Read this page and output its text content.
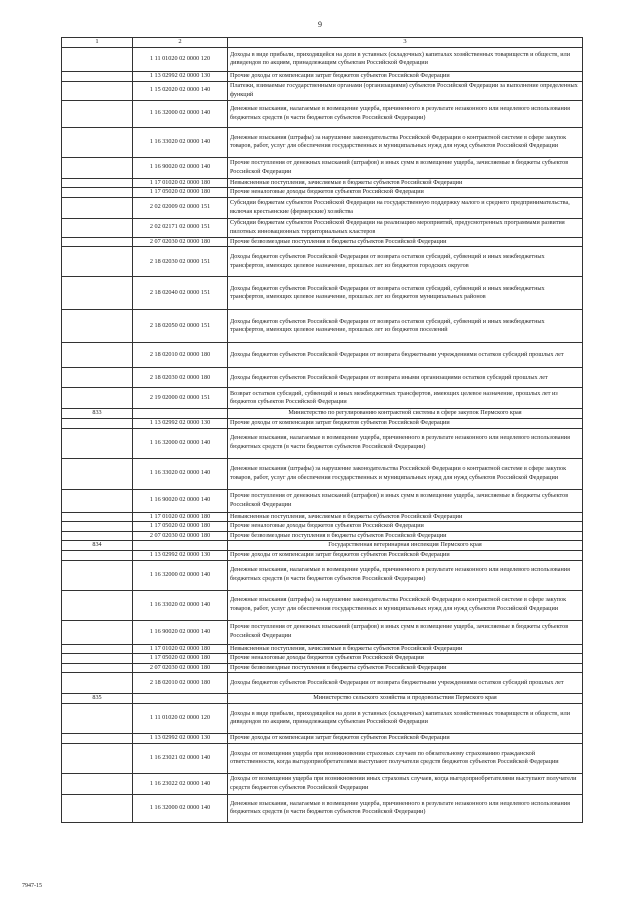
9
1	2	3
	1 11 01020 02 0000 120	Доходы в виде прибыли, приходящейся на доли в уставных (складочных) капиталах хозяйственных товариществ и обществ, или дивидендов по акциям, принадлежащим субъектам Российской Федерации
	1 13 02992 02 0000 130	Прочие доходы от компенсации затрат бюджетов субъектов Российской Федерации
	1 15 02020 02 0000 140	Платежи, взимаемые государственными органами (организациями) субъектов Российской Федерации за выполнение определенных функций
	1 16 32000 02 0000 140	Денежные взыскания, налагаемые в возмещение ущерба, причиненного в результате незаконного или нецелевого использования бюджетных средств (в части бюджетов субъектов Российской Федерации)
	1 16 33020 02 0000 140	Денежные взыскания (штрафы) за нарушение законодательства Российской Федерации о контрактной системе в сфере закупок товаров, работ, услуг для обеспечения государственных и муниципальных нужд для нужд субъектов Российской Федерации
	1 16 90020 02 0000 140	Прочие поступления от денежных взысканий (штрафов) и иных сумм в возмещение ущерба, зачисляемые в бюджеты субъектов Российской Федерации
	1 17 01020 02 0000 180	Невыясненные поступления, зачисляемые в бюджеты субъектов Российской Федерации
	1 17 05020 02 0000 180	Прочие неналоговые доходы бюджетов субъектов Российской Федерации
	2 02 02009 02 0000 151	Субсидии бюджетам субъектов Российской Федерации на государственную поддержку малого и среднего предпринимательства, включая крестьянские (фермерские) хозяйства
	2 02 02171 02 0000 151	Субсидии бюджетам субъектов Российской Федерации на реализацию мероприятий, предусмотренных программами развития пилотных инновационных территориальных кластеров
	2 07 02030 02 0000 180	Прочие безвозмездные поступления в бюджеты субъектов Российской Федерации
	2 18 02030 02 0000 151	Доходы бюджетов субъектов Российской Федерации от возврата остатков субсидий, субвенций и иных межбюджетных трансфертов, имеющих целевое назначение, прошлых лет из бюджетов городских округов
	2 18 02040 02 0000 151	Доходы бюджетов субъектов Российской Федерации от возврата остатков субсидий, субвенций и иных межбюджетных трансфертов, имеющих целевое назначение, прошлых лет из бюджетов муниципальных районов
	2 18 02050 02 0000 151	Доходы бюджетов субъектов Российской Федерации от возврата остатков субсидий, субвенций и иных межбюджетных трансфертов, имеющих целевое назначение, прошлых лет из бюджетов поселений
	2 18 02010 02 0000 180	Доходы бюджетов субъектов Российской Федерации от возврата бюджетными учреждениями остатков субсидий прошлых лет
	2 18 02030 02 0000 180	Доходы бюджетов субъектов Российской Федерации от возврата иными организациями остатков субсидий прошлых лет
	2 19 02000 02 0000 151	Возврат остатков субсидий, субвенций и иных межбюджетных трансфертов, имеющих целевое назначение, прошлых лет из бюджетов субъектов Российской Федерации
833		Министерство по регулированию контрактной системы в сфере закупок Пермского края
	1 13 02992 02 0000 130	Прочие доходы от компенсации затрат бюджетов субъектов Российской Федерации
	1 16 32000 02 0000 140	Денежные взыскания, налагаемые в возмещение ущерба, причиненного в результате незаконного или нецелевого использования бюджетных средств (в части бюджетов субъектов Российской Федерации)
	1 16 33020 02 0000 140	Денежные взыскания (штрафы) за нарушение законодательства Российской Федерации о контрактной системе в сфере закупок товаров, работ, услуг для обеспечения государственных и муниципальных нужд для нужд субъектов Российской Федерации
	1 16 90020 02 0000 140	Прочие поступления от денежных взысканий (штрафов) и иных сумм в возмещение ущерба, зачисляемые в бюджеты субъектов Российской Федерации
	1 17 01020 02 0000 180	Невыясненные поступления, зачисляемые в бюджеты субъектов Российской Федерации
	1 17 05020 02 0000 180	Прочие неналоговые доходы бюджетов субъектов Российской Федерации
	2 07 02030 02 0000 180	Прочие безвозмездные поступления в бюджеты субъектов Российской Федерации
834		Государственная ветеринарная инспекция Пермского края
	1 13 02992 02 0000 130	Прочие доходы от компенсации затрат бюджетов субъектов Российской Федерации
	1 16 32000 02 0000 140	Денежные взыскания, налагаемые в возмещение ущерба, причиненного в результате незаконного или нецелевого использования бюджетных средств (в части бюджетов субъектов Российской Федерации)
	1 16 33020 02 0000 140	Денежные взыскания (штрафы) за нарушение законодательства Российской Федерации о контрактной системе в сфере закупок товаров, работ, услуг для обеспечения государственных и муниципальных нужд для нужд субъектов Российской Федерации
	1 16 90020 02 0000 140	Прочие поступления от денежных взысканий (штрафов) и иных сумм в возмещение ущерба, зачисляемые в бюджеты субъектов Российской Федерации
	1 17 01020 02 0000 180	Невыясненные поступления, зачисляемые в бюджеты субъектов Российской Федерации
	1 17 05020 02 0000 180	Прочие неналоговые доходы бюджетов субъектов Российской Федерации
	2 07 02030 02 0000 180	Прочие безвозмездные поступления в бюджеты субъектов Российской Федерации
	2 18 02010 02 0000 180	Доходы бюджетов субъектов Российской Федерации от возврата бюджетными учреждениями остатков субсидий прошлых лет
835		Министерство сельского хозяйства и продовольствия Пермского края
	1 11 01020 02 0000 120	Доходы в виде прибыли, приходящейся на доли в уставных (складочных) капиталах хозяйственных товариществ и обществ, или дивидендов по акциям, принадлежащим субъектам Российской Федерации
	1 13 02992 02 0000 130	Прочие доходы от компенсации затрат бюджетов субъектов Российской Федерации
	1 16 23021 02 0000 140	Доходы от возмещения ущерба при возникновении страховых случаев по обязательному страхованию гражданской ответственности, когда выгодоприобретателями выступают получатели средств бюджетов субъектов Российской Федерации
	1 16 23022 02 0000 140	Доходы от возмещения ущерба при возникновении иных страховых случаев, когда выгодоприобретателями выступают получатели средств бюджетов субъектов Российской Федерации
	1 16 32000 02 0000 140	Денежные взыскания, налагаемые в возмещение ущерба, причиненного в результате незаконного или нецелевого использования бюджетных средств (в части бюджетов субъектов Российской Федерации)
7947-15
